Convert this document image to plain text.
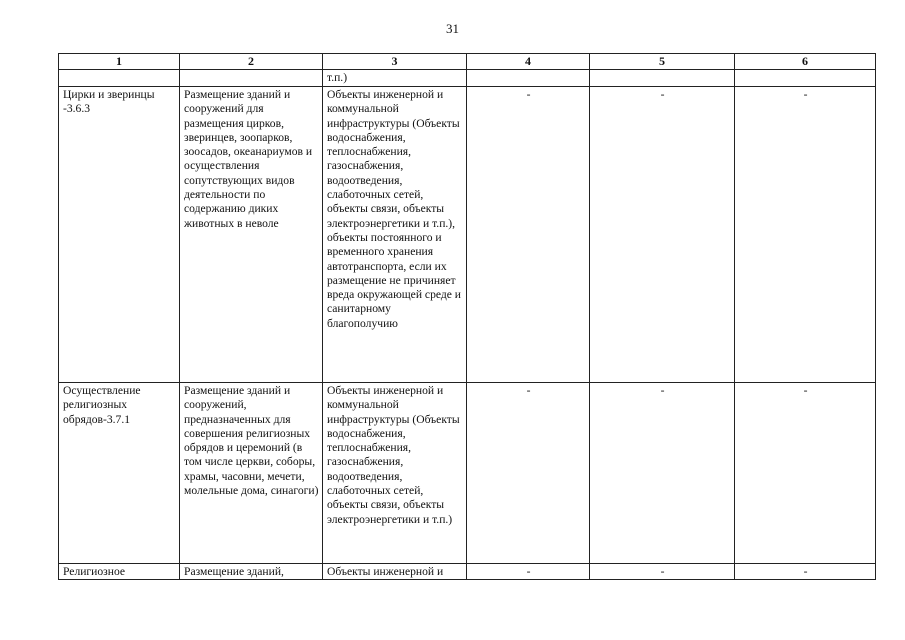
31
1	2	3	4	5	6
		т.п.)			
Цирки и зверинцы -3.6.3	Размещение зданий и сооружений для размещения цирков, зверинцев, зоопарков, зоосадов, океанариумов и осуществления сопутствующих видов деятельности по содержанию диких животных в неволе	Объекты инженерной и коммунальной инфраструктуры (Объекты водоснабжения, теплоснабжения, газоснабжения, водоотведения, слаботочных сетей, объекты связи, объекты электроэнергетики и т.п.), объекты постоянного и временного хранения автотранспорта, если их размещение не причиняет вреда окружающей среде и санитарному благополучию	-	-	-
Осуществление религиозных обрядов-3.7.1	Размещение зданий и сооружений, предназначенных для совершения религиозных обрядов и церемоний (в том числе церкви, соборы, храмы, часовни, мечети, молельные дома, синагоги)	Объекты инженерной и коммунальной инфраструктуры (Объекты водоснабжения, теплоснабжения, газоснабжения, водоотведения, слаботочных сетей, объекты связи, объекты электроэнергетики и т.п.)	-	-	-
Религиозное	Размещение зданий,	Объекты инженерной и	-	-	-
